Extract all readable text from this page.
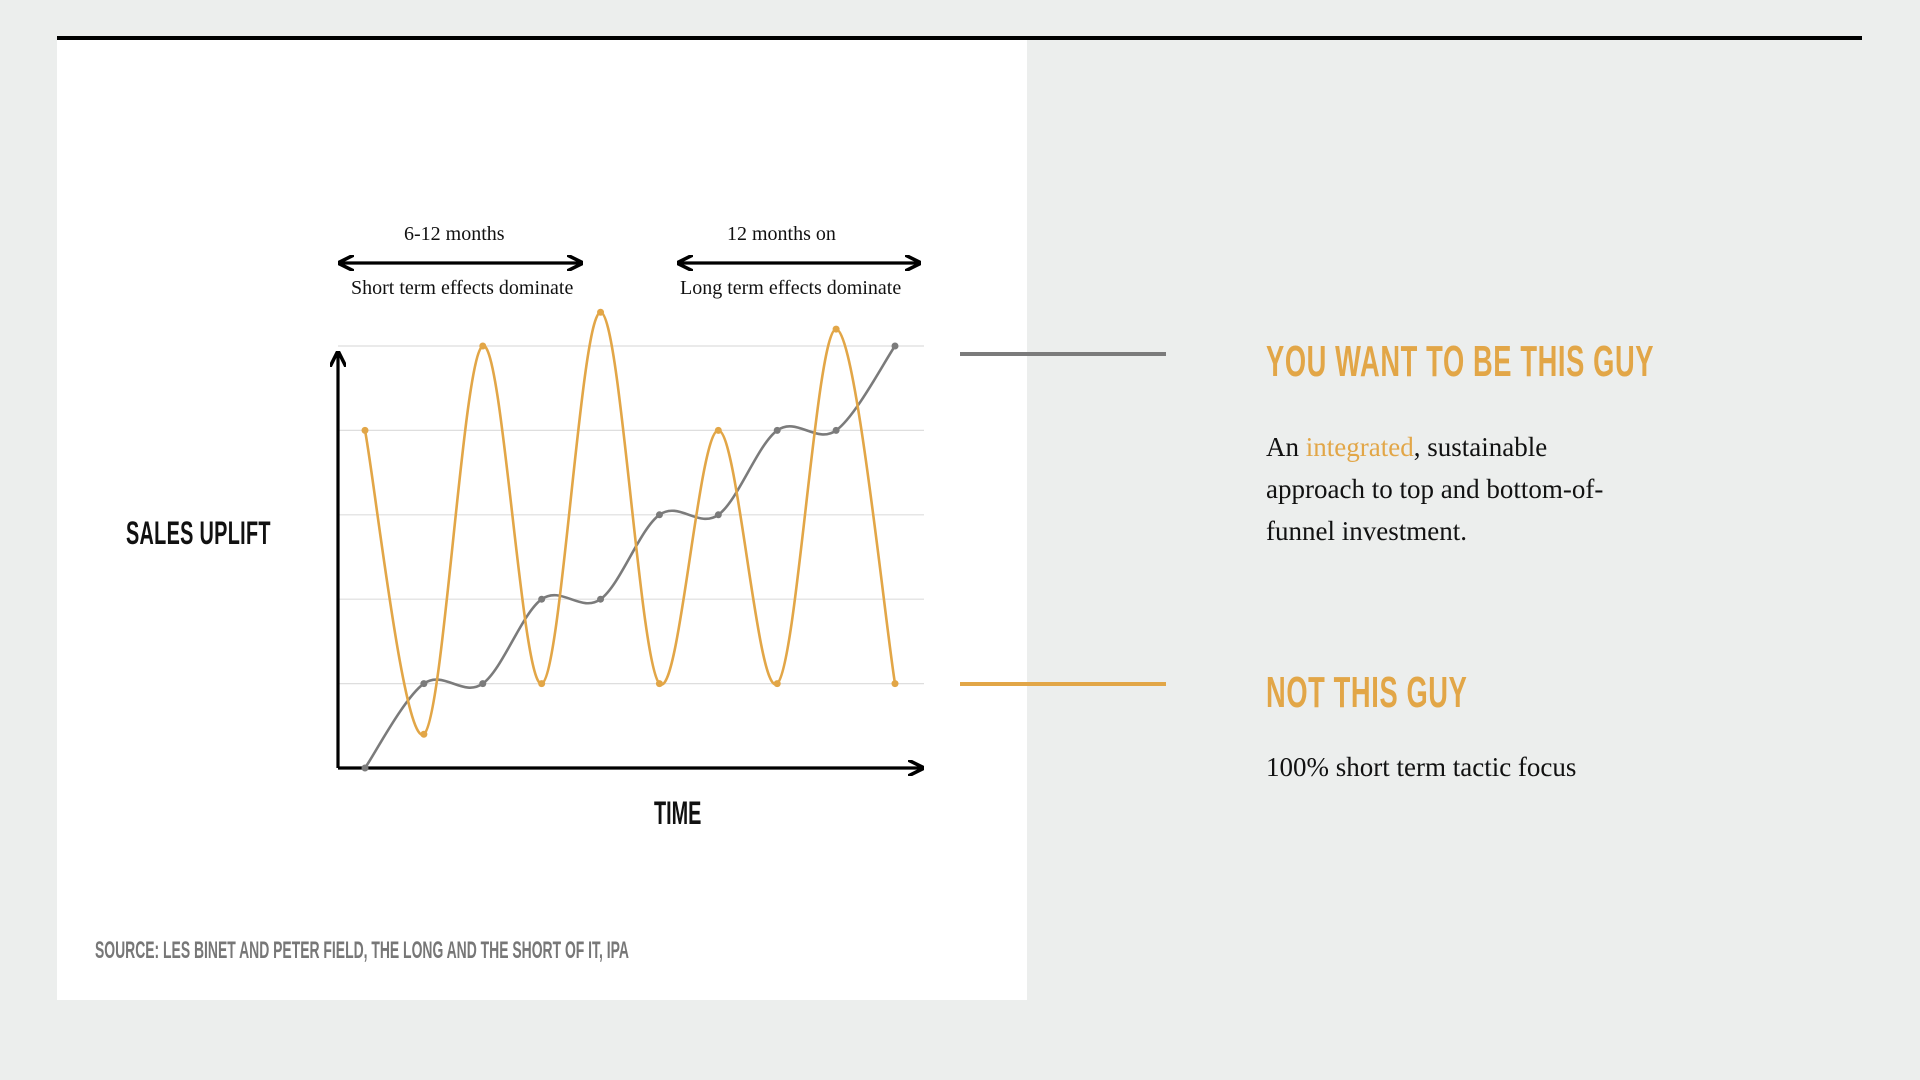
6-12 months
Short term effects dominate
12 months on
Long term effects dominate
SALES UPLIFT
TIME
SOURCE: LES BINET AND PETER FIELD, THE LONG AND THE SHORT OF IT, IPA
YOU WANT TO BE THIS GUY
An integrated, sustainable approach to top and bottom-of-funnel investment.
NOT THIS GUY
100% short term tactic focus
